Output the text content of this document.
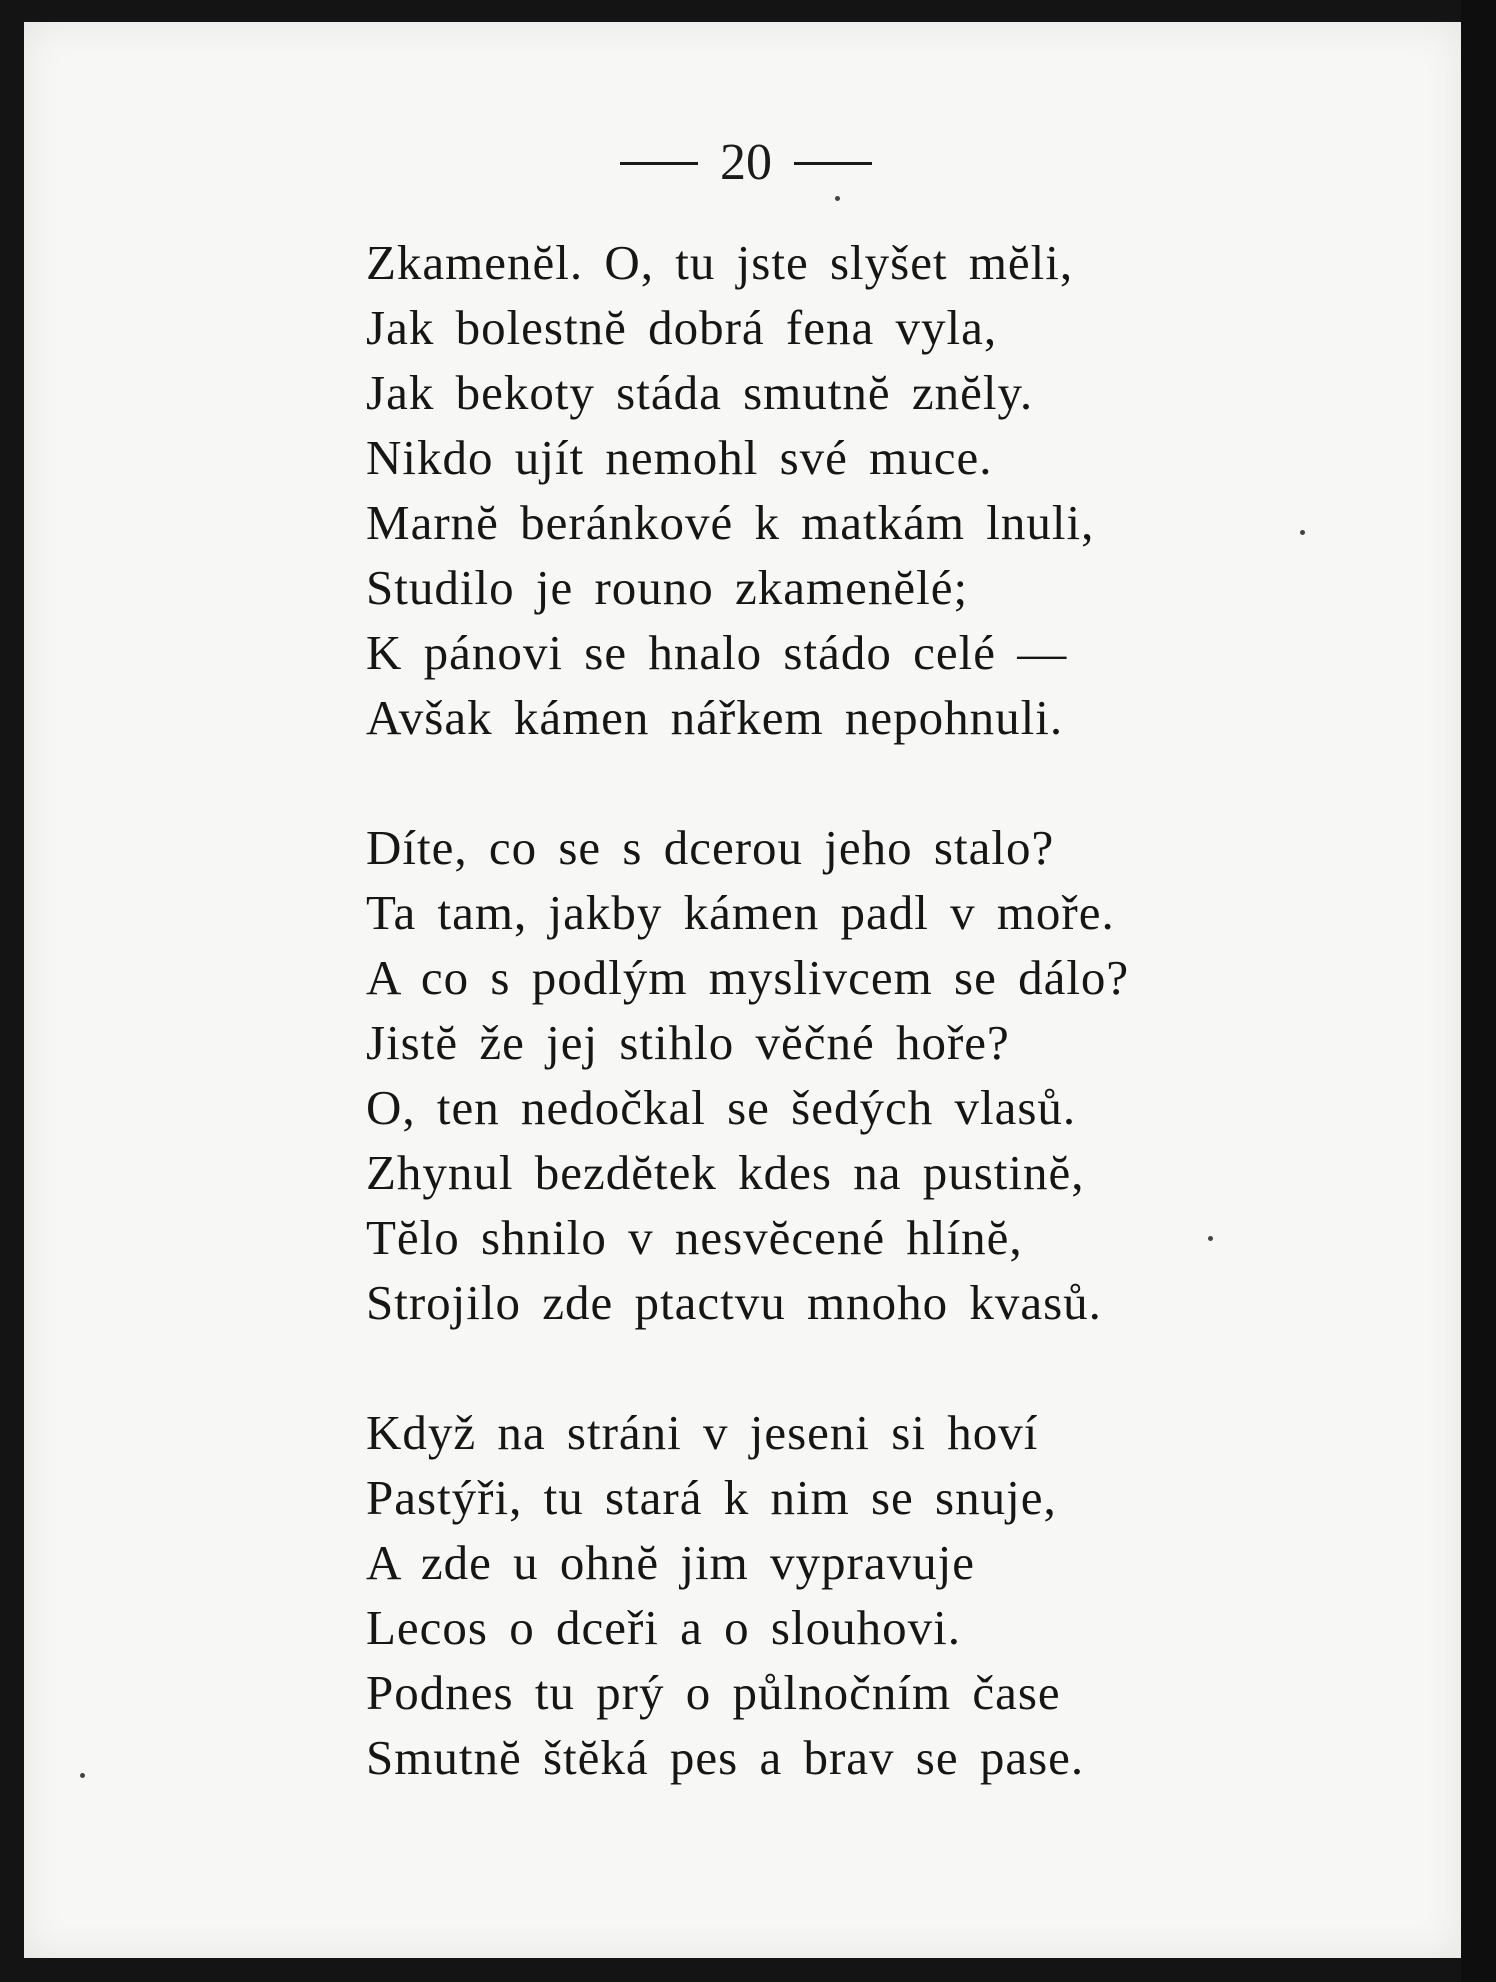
20
Zkamenĕl. O, tu jste slyšet mĕli,
Jak bolestnĕ dobrá fena vyla,
Jak bekoty stáda smutnĕ znĕly.
Nikdo ujít nemohl své muce.
Marnĕ beránkové k matkám lnuli,
Studilo je rouno zkamenĕlé;
K pánovi se hnalo stádo celé —
Avšak kámen nářkem nepohnuli.
Díte, co se s dcerou jeho stalo?
Ta tam, jakby kámen padl v moře.
A co s podlým myslivcem se dálo?
Jistĕ že jej stihlo vĕčné hoře?
O, ten nedočkal se šedých vlasů.
Zhynul bezdĕtek kdes na pustinĕ,
Tĕlo shnilo v nesvĕcené hlínĕ,
Strojilo zde ptactvu mnoho kvasů.
Když na stráni v jeseni si hoví
Pastýři, tu stará k nim se snuje,
A zde u ohnĕ jim vypravuje
Lecos o dceři a o slouhovi.
Podnes tu prý o půlnočním čase
Smutnĕ štĕká pes a brav se pase.
